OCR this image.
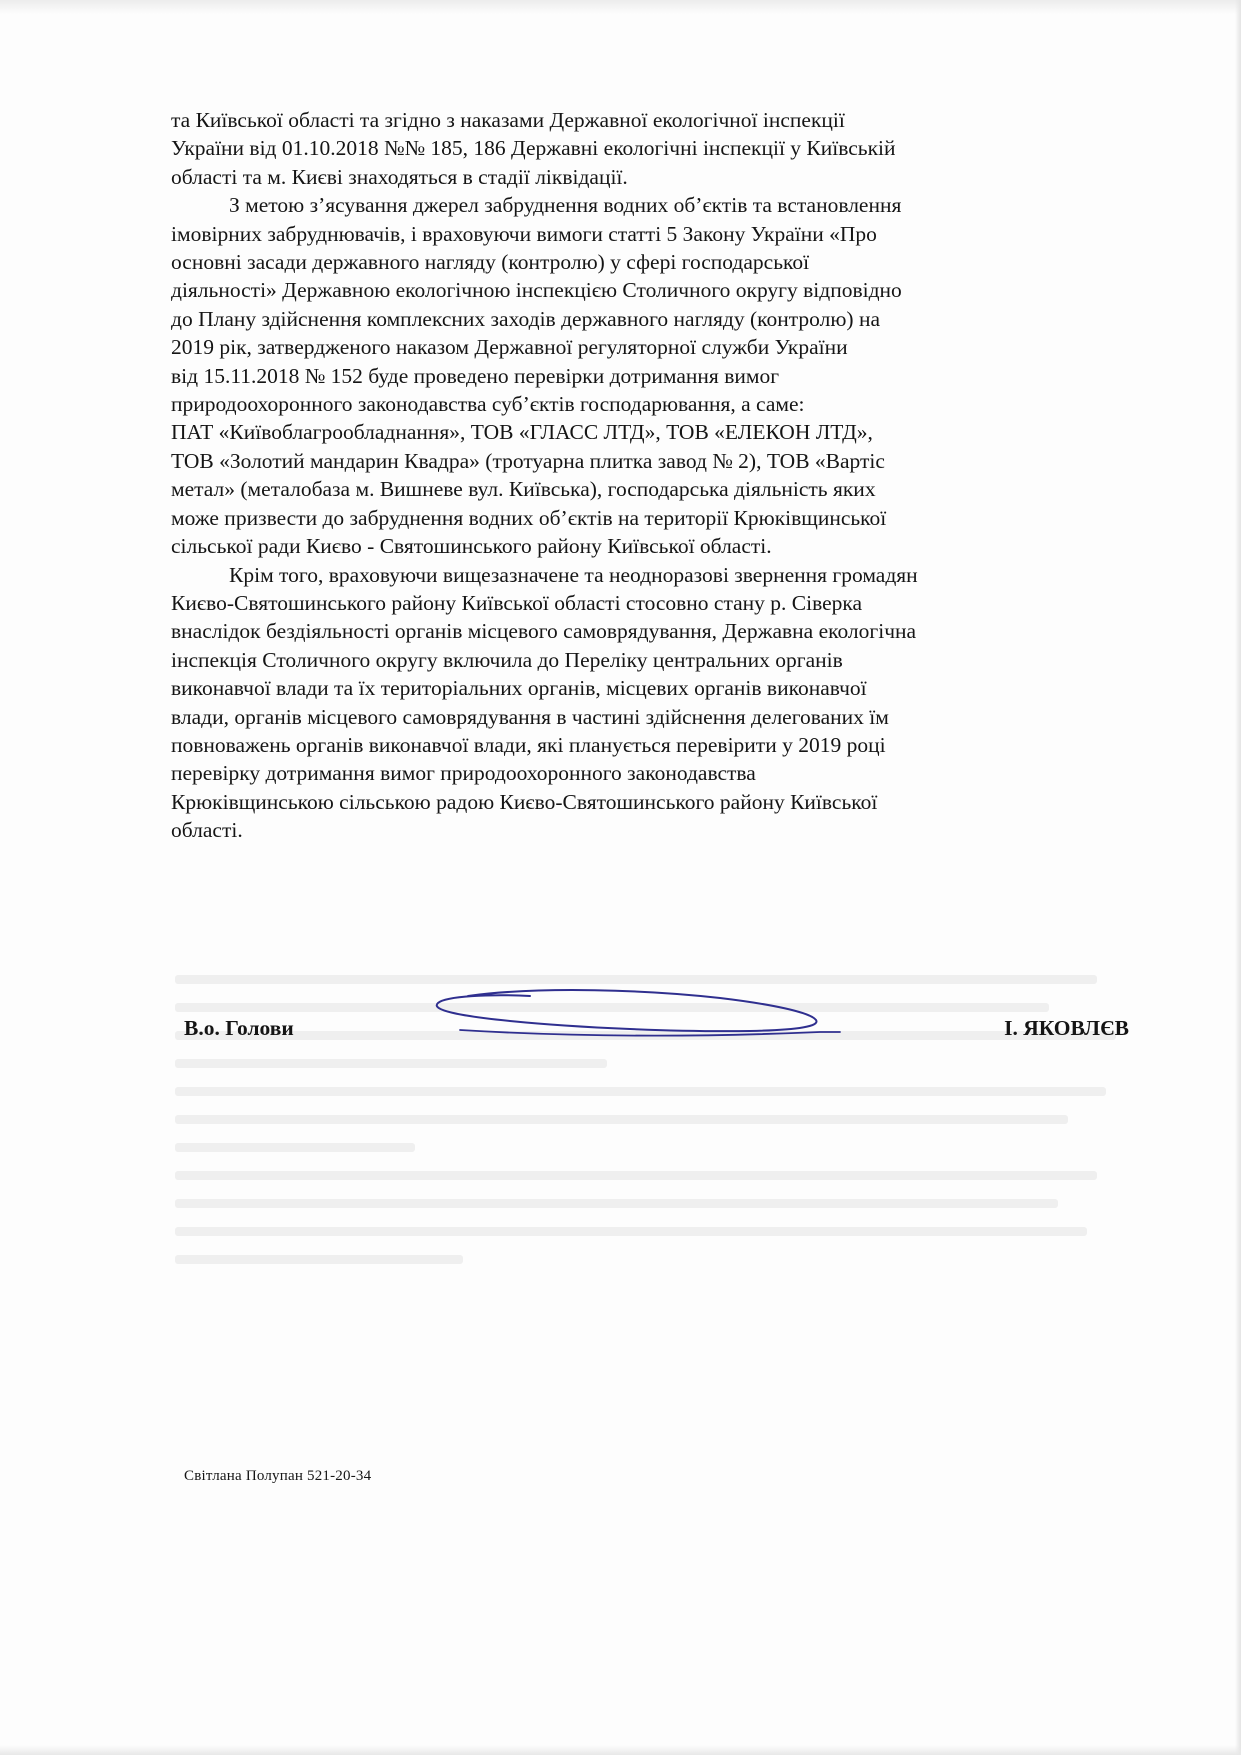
та Київської області та згідно з наказами Державної екологічної інспекції
України від 01.10.2018 №№ 185, 186 Державні екологічні інспекції у Київській
області та м. Києві знаходяться в стадії ліквідації.

З метою з’ясування джерел забруднення водних об’єктів та встановлення
імовірних забруднювачів, і враховуючи вимоги статті 5 Закону України «Про
основні засади державного нагляду (контролю) у сфері господарської
діяльності» Державною екологічною інспекцією Столичного округу відповідно
до Плану здійснення комплексних заходів державного нагляду (контролю) на
2019 рік, затвердженого наказом Державної регуляторної служби України
від 15.11.2018 № 152 буде проведено перевірки дотримання вимог
природоохоронного законодавства суб’єктів господарювання, а саме:
ПАТ «Київоблагрообладнання», ТОВ «ГЛАСС ЛТД», ТОВ «ЕЛЕКОН ЛТД»,
ТОВ «Золотий мандарин Квадра» (тротуарна плитка завод № 2), ТОВ «Вартіс
метал» (металобаза м. Вишневе вул. Київська), господарська діяльність яких
може призвести до забруднення водних об’єктів на території Крюківщинської
сільської ради Києво - Святошинського району Київської області.

Крім того, враховуючи вищезазначене та неодноразові звернення громадян
Києво-Святошинського району Київської області стосовно стану р. Сіверка
внаслідок бездіяльності органів місцевого самоврядування, Державна екологічна
інспекція Столичного округу включила до Переліку центральних органів
виконавчої влади та їх територіальних органів, місцевих органів виконавчої
влади, органів місцевого самоврядування в частині здійснення делегованих їм
повноважень органів виконавчої влади, які планується перевірити у 2019 році
перевірку дотримання вимог природоохоронного законодавства
Крюківщинською сільською радою Києво-Святошинського району Київської
області.

В.о. Голови	І. ЯКОВЛЄВ
Світлана Полупан 521-20-34
